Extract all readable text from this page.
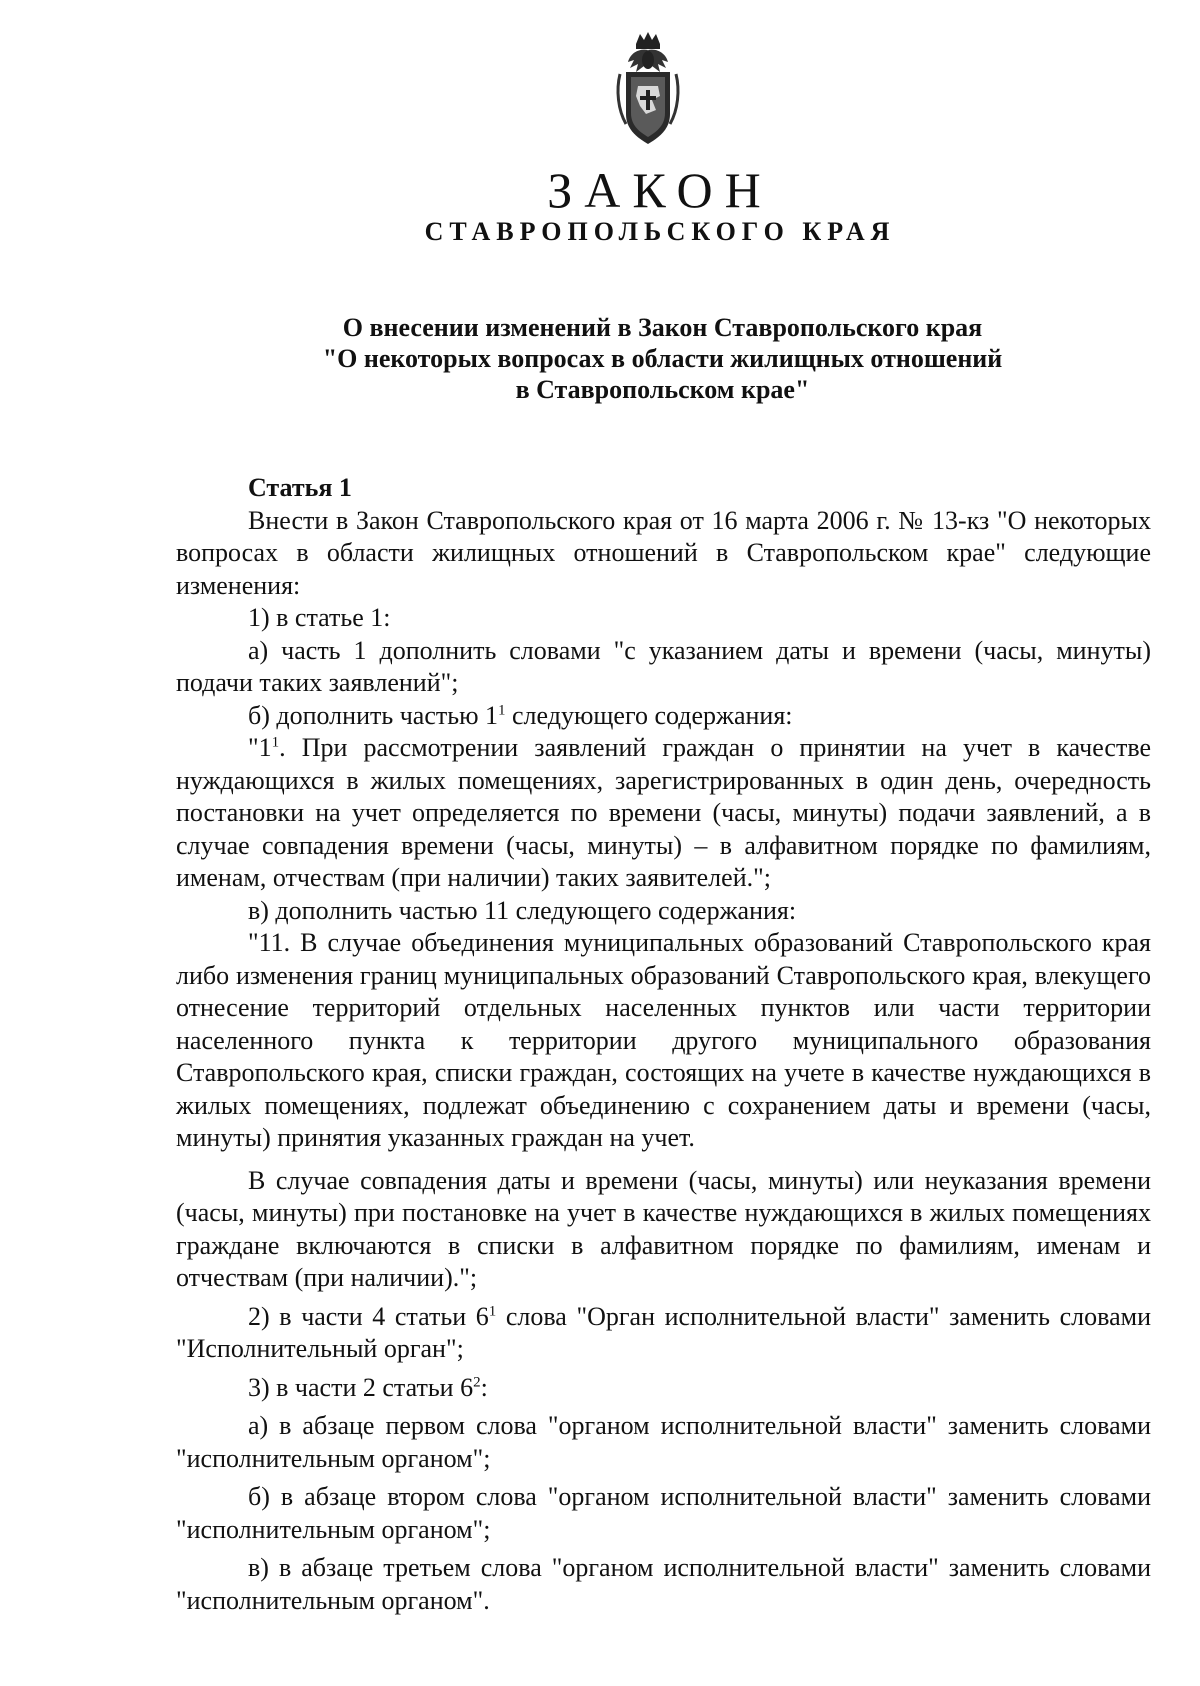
ЗАКОН
СТАВРОПОЛЬСКОГО КРАЯ
О внесении изменений в Закон Ставропольского края
"О некоторых вопросах в области жилищных отношений
в Ставропольском крае"
Статья 1

Внести в Закон Ставропольского края от 16 марта 2006 г. № 13-кз "О некоторых вопросах в области жилищных отношений в Ставропольском крае" следующие изменения:

1) в статье 1:

а) часть 1 дополнить словами "с указанием даты и времени (часы, минуты) подачи таких заявлений";

б) дополнить частью $1^1$ следующего содержания:

"$1^1$. При рассмотрении заявлений граждан о принятии на учет в качестве нуждающихся в жилых помещениях, зарегистрированных в один день, очередность постановки на учет определяется по времени (часы, минуты) подачи заявлений, а в случае совпадения времени (часы, минуты) – в алфавитном порядке по фамилиям, именам, отчествам (при наличии) таких заявителей.";

в) дополнить частью 11 следующего содержания:

"11. В случае объединения муниципальных образований Ставропольского края либо изменения границ муниципальных образований Ставропольского края, влекущего отнесение территорий отдельных населенных пунктов или части территории населенного пункта к территории другого муниципального образования Ставропольского края, списки граждан, состоящих на учете в качестве нуждающихся в жилых помещениях, подлежат объединению с сохранением даты и времени (часы, минуты) принятия указанных граждан на учет.

В случае совпадения даты и времени (часы, минуты) или неуказания времени (часы, минуты) при постановке на учет в качестве нуждающихся в жилых помещениях граждане включаются в списки в алфавитном порядке по фамилиям, именам и отчествам (при наличии).";

2) в части 4 статьи $6^1$ слова "Орган исполнительной власти" заменить словами "Исполнительный орган";

3) в части 2 статьи $6^2$:

а) в абзаце первом слова "органом исполнительной власти" заменить словами "исполнительным органом";

б) в абзаце втором слова "органом исполнительной власти" заменить словами "исполнительным органом";

в) в абзаце третьем слова "органом исполнительной власти" заменить словами "исполнительным органом".
